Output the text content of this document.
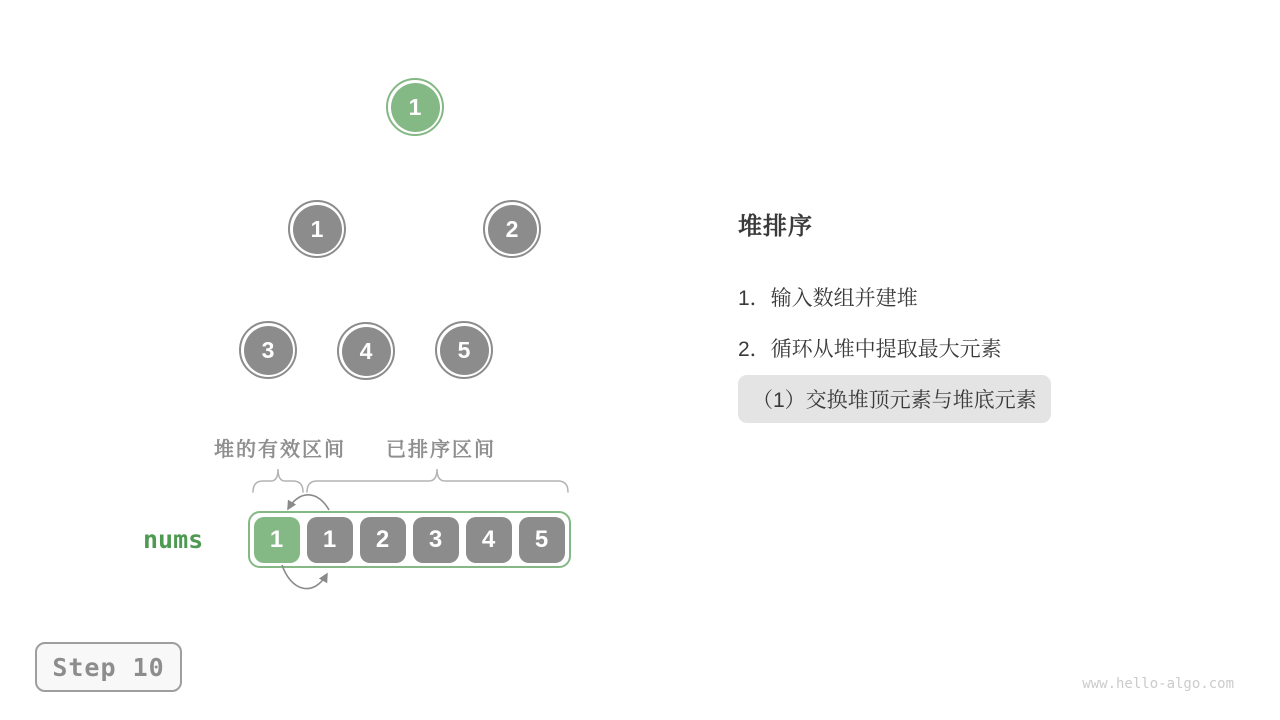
1
1	2
3	4	5
堆的有效区间 已排序区间
nums	1	1	2	3	4	5
堆排序
1．输入数组并建堆
2．循环从堆中提取最大元素
（1）交换堆顶元素与堆底元素
Step 10
www.hello-algo.com
